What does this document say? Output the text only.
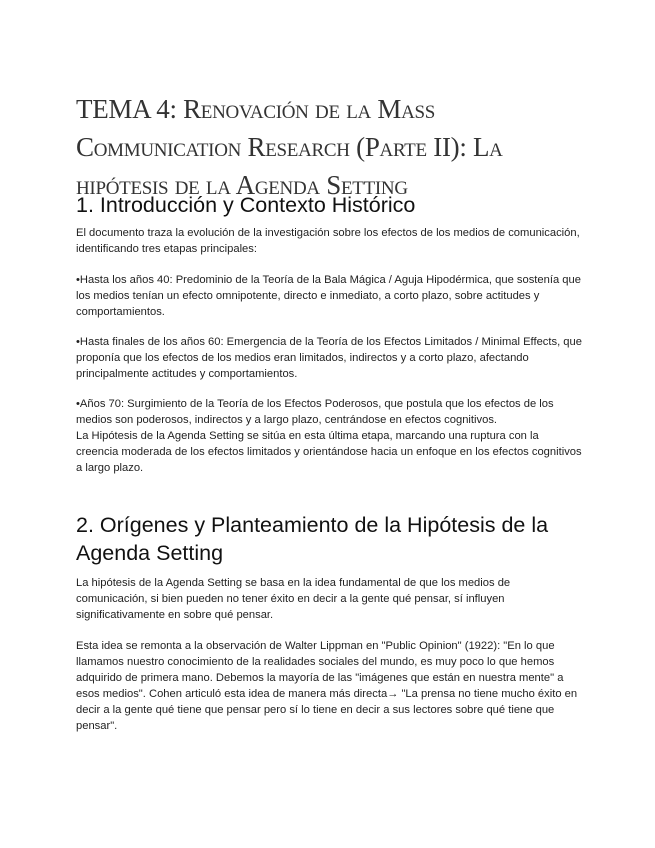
TEMA 4: Renovación de la Mass Communication Research (Parte II): La hipótesis de la Agenda Setting
1. Introducción y Contexto Histórico

El documento traza la evolución de la investigación sobre los efectos de los medios de comunicación, identificando tres etapas principales:

•Hasta los años 40: Predominio de la Teoría de la Bala Mágica / Aguja Hipodérmica, que sostenía que los medios tenían un efecto omnipotente, directo e inmediato, a corto plazo, sobre actitudes y comportamientos.

•Hasta finales de los años 60: Emergencia de la Teoría de los Efectos Limitados / Minimal Effects, que proponía que los efectos de los medios eran limitados, indirectos y a corto plazo, afectando principalmente actitudes y comportamientos.

•Años 70: Surgimiento de la Teoría de los Efectos Poderosos, que postula que los efectos de los medios son poderosos, indirectos y a largo plazo, centrándose en efectos cognitivos.
La Hipótesis de la Agenda Setting se sitúa en esta última etapa, marcando una ruptura con la creencia moderada de los efectos limitados y orientándose hacia un enfoque en los efectos cognitivos a largo plazo.

2. Orígenes y Planteamiento de la Hipótesis de la Agenda Setting

La hipótesis de la Agenda Setting se basa en la idea fundamental de que los medios de comunicación, si bien pueden no tener éxito en decir a la gente qué pensar, sí influyen significativamente en sobre qué pensar.

Esta idea se remonta a la observación de Walter Lippman en "Public Opinion" (1922): "En lo que llamamos nuestro conocimiento de la realidades sociales del mundo, es muy poco lo que hemos adquirido de primera mano. Debemos la mayoría de las "imágenes que están en nuestra mente" a esos medios". Cohen articuló esta idea de manera más directa→ "La prensa no tiene mucho éxito en decir a la gente qué tiene que pensar pero sí lo tiene en decir a sus lectores sobre qué tiene que pensar".
